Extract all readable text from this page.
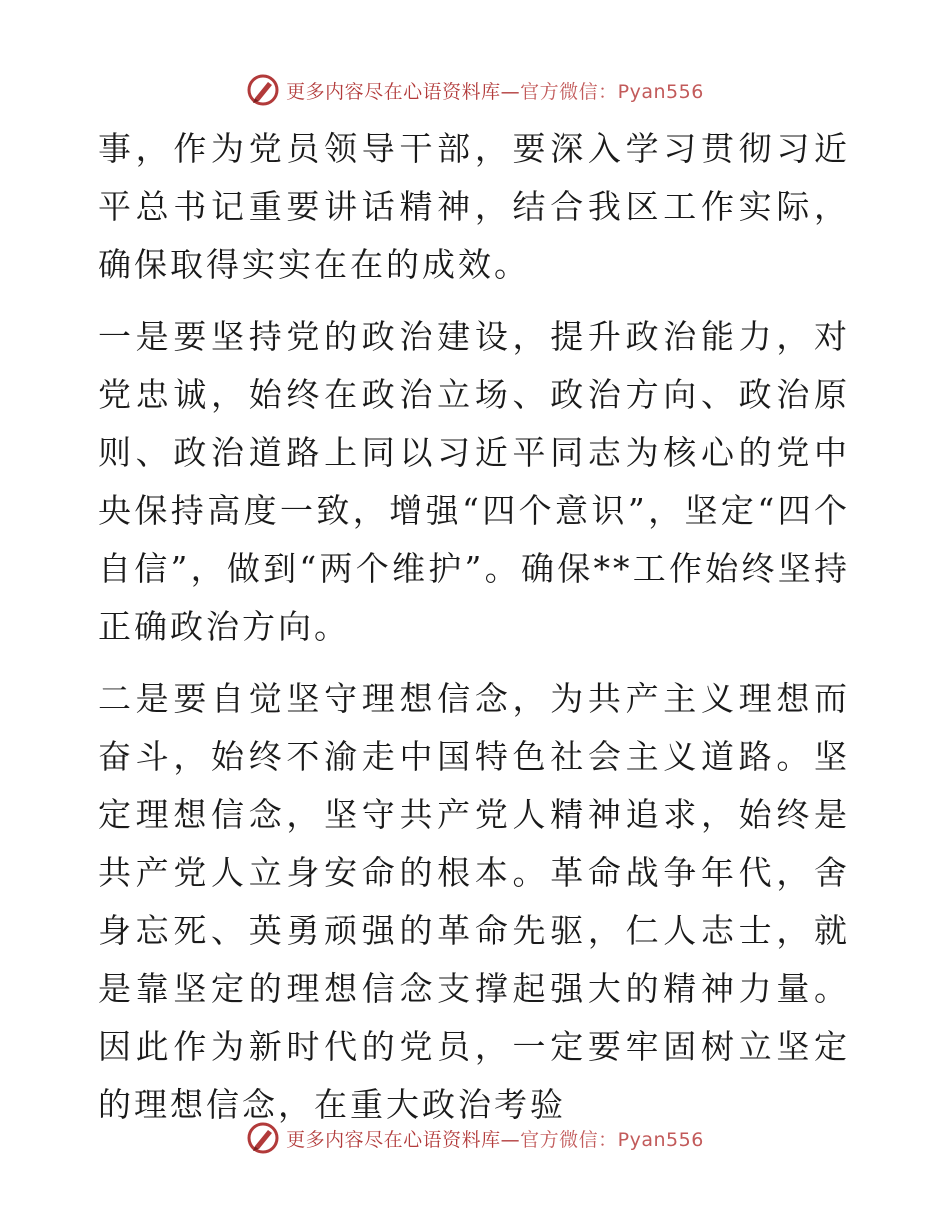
更多内容尽在心语资料库—官方微信：Pyan556

事，作为党员领导干部，要深入学习贯彻习近平总书记重要讲话精神，结合我区工作实际，确保取得实实在在的成效。

一是要坚持党的政治建设，提升政治能力，对党忠诚，始终在政治立场、政治方向、政治原则、政治道路上同以习近平同志为核心的党中央保持高度一致，增强“四个意识”，坚定“四个自信”，做到“两个维护”。确保**工作始终坚持正确政治方向。

二是要自觉坚守理想信念，为共产主义理想而奋斗，始终不渝走中国特色社会主义道路。坚定理想信念，坚守共产党人精神追求，始终是共产党人立身安命的根本。革命战争年代，舍身忘死、英勇顽强的革命先驱，仁人志士，就是靠坚定的理想信念支撑起强大的精神力量。因此作为新时代的党员，一定要牢固树立坚定的理想信念，在重大政治考验

更多内容尽在心语资料库—官方微信：Pyan556
